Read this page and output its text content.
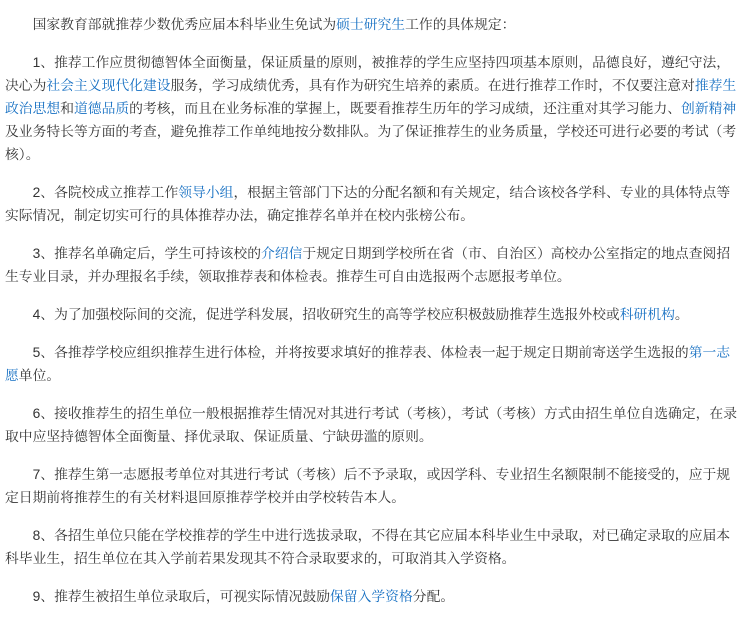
国家教育部就推荐少数优秀应届本科毕业生免试为硕士研究生工作的具体规定：

1、推荐工作应贯彻德智体全面衡量，保证质量的原则，被推荐的学生应坚持四项基本原则，品德良好，遵纪守法，决心为社会主义现代化建设服务，学习成绩优秀，具有作为研究生培养的素质。在进行推荐工作时，不仅要注意对推荐生政治思想和道德品质的考核，而且在业务标准的掌握上，既要看推荐生历年的学习成绩，还注重对其学习能力、创新精神及业务特长等方面的考查，避免推荐工作单纯地按分数排队。为了保证推荐生的业务质量，学校还可进行必要的考试（考核）。

2、各院校成立推荐工作领导小组，根据主管部门下达的分配名额和有关规定，结合该校各学科、专业的具体特点等实际情况，制定切实可行的具体推荐办法，确定推荐名单并在校内张榜公布。

3、推荐名单确定后，学生可持该校的介绍信于规定日期到学校所在省（市、自治区）高校办公室指定的地点查阅招生专业目录，并办理报名手续，领取推荐表和体检表。推荐生可自由选报两个志愿报考单位。

4、为了加强校际间的交流，促进学科发展，招收研究生的高等学校应积极鼓励推荐生选报外校或科研机构。

5、各推荐学校应组织推荐生进行体检，并将按要求填好的推荐表、体检表一起于规定日期前寄送学生选报的第一志愿单位。

6、接收推荐生的招生单位一般根据推荐生情况对其进行考试（考核），考试（考核）方式由招生单位自选确定，在录取中应坚持德智体全面衡量、择优录取、保证质量、宁缺毋滥的原则。

7、推荐生第一志愿报考单位对其进行考试（考核）后不予录取，或因学科、专业招生名额限制不能接受的，应于规定日期前将推荐生的有关材料退回原推荐学校并由学校转告本人。

8、各招生单位只能在学校推荐的学生中进行选拔录取，不得在其它应届本科毕业生中录取，对已确定录取的应届本科毕业生，招生单位在其入学前若果发现其不符合录取要求的，可取消其入学资格。

9、推荐生被招生单位录取后，可视实际情况鼓励保留入学资格分配。
